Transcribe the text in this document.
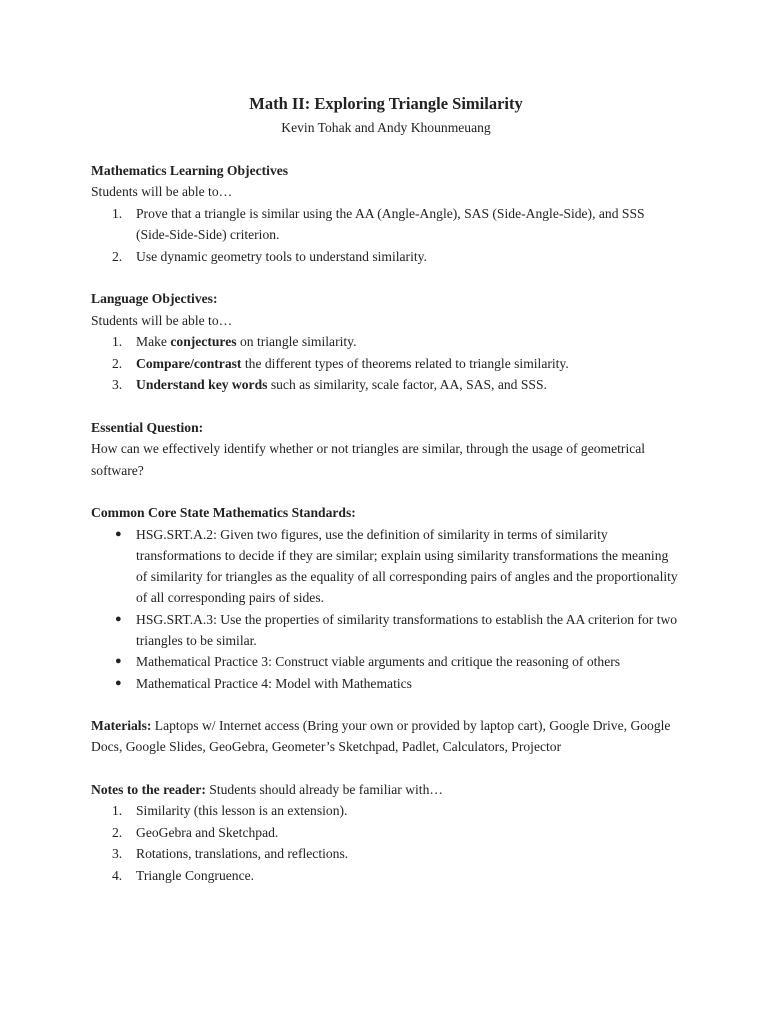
Math II: Exploring Triangle Similarity

Kevin Tohak and Andy Khounmeuang

Mathematics Learning Objectives

Students will be able to…

1. Prove that a triangle is similar using the AA (Angle-Angle), SAS (Side-Angle-Side), and SSS (Side-Side-Side) criterion.
2. Use dynamic geometry tools to understand similarity.

Language Objectives:

Students will be able to…

1. Make conjectures on triangle similarity.
2. Compare/contrast the different types of theorems related to triangle similarity.
3. Understand key words such as similarity, scale factor, AA, SAS, and SSS.

Essential Question:

How can we effectively identify whether or not triangles are similar, through the usage of geometrical software?

Common Core State Mathematics Standards:

● HSG.SRT.A.2: Given two figures, use the definition of similarity in terms of similarity transformations to decide if they are similar; explain using similarity transformations the meaning of similarity for triangles as the equality of all corresponding pairs of angles and the proportionality of all corresponding pairs of sides.
● HSG.SRT.A.3: Use the properties of similarity transformations to establish the AA criterion for two triangles to be similar.
● Mathematical Practice 3: Construct viable arguments and critique the reasoning of others
● Mathematical Practice 4: Model with Mathematics

Materials: Laptops w/ Internet access (Bring your own or provided by laptop cart), Google Drive, Google Docs, Google Slides, GeoGebra, Geometer’s Sketchpad, Padlet, Calculators, Projector

Notes to the reader: Students should already be familiar with…

1. Similarity (this lesson is an extension).
2. GeoGebra and Sketchpad.
3. Rotations, translations, and reflections.
4. Triangle Congruence.
